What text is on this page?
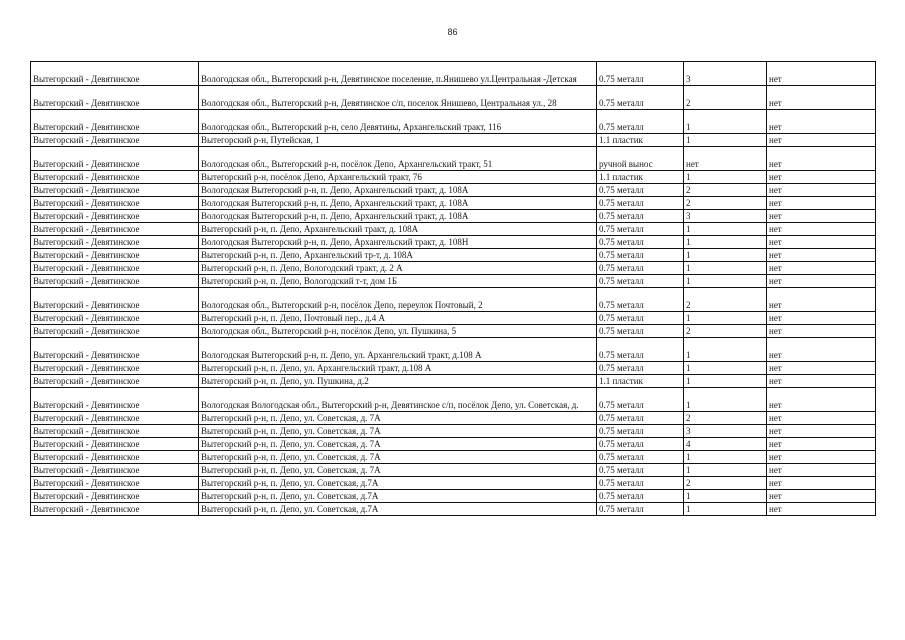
86
Вытегорский - Девятинское	Вологодская обл., Вытегорский р-н, Девятинское поселение, п.Янишево ул.Центральная -Детская	0.75 металл	3	нет
Вытегорский - Девятинское	Вологодская обл., Вытегорский р-н, Девятинское с/п, поселок Янишево, Центральная ул., 28	0.75 металл	2	нет
Вытегорский - Девятинское	Вологодская обл., Вытегорский р-н, село Девятины, Архангельский тракт, 116	0.75 металл	1	нет
Вытегорский - Девятинское	Вытегорский р-н, Путейская, 1	1.1 пластик	1	нет
Вытегорский - Девятинское	Вологодская обл., Вытегорский р-н, посёлок Депо, Архангельский тракт, 51	ручной вынос	нет	нет
Вытегорский - Девятинское	Вытегорский р-н, посёлок Депо, Архангельский тракт, 76	1.1 пластик	1	нет
Вытегорский - Девятинское	Вологодская Вытегорский р-н, п. Депо, Архангельский тракт, д. 108А	0.75 металл	2	нет
Вытегорский - Девятинское	Вологодская Вытегорский р-н, п. Депо, Архангельский тракт, д. 108А	0.75 металл	2	нет
Вытегорский - Девятинское	Вологодская Вытегорский р-н, п. Депо, Архангельский тракт, д. 108А	0.75 металл	3	нет
Вытегорский - Девятинское	Вытегорский р-н, п. Депо, Архангельский тракт, д. 108А	0.75 металл	1	нет
Вытегорский - Девятинское	Вологодская Вытегорский р-н, п. Депо, Архангельский тракт, д. 108Н	0.75 металл	1	нет
Вытегорский - Девятинское	Вытегорский р-н, п. Депо, Архангельский тр-т, д. 108А	0.75 металл	1	нет
Вытегорский - Девятинское	Вытегорский р-н, п. Депо, Вологодский тракт, д. 2 А	0.75 металл	1	нет
Вытегорский - Девятинское	Вытегорский р-н, п. Депо, Вологодский т-т, дом 1Б	0.75 металл	1	нет
Вытегорский - Девятинское	Вологодская обл., Вытегорский р-н, посёлок Депо, переулок Почтовый, 2	0.75 металл	2	нет
Вытегорский - Девятинское	Вытегорский р-н, п. Депо, Почтовый пер., д.4 А	0.75 металл	1	нет
Вытегорский - Девятинское	Вологодская обл., Вытегорский р-н, посёлок Депо, ул. Пушкина, 5	0.75 металл	2	нет
Вытегорский - Девятинское	Вологодская Вытегорский р-н, п. Депо, ул. Архангельский тракт, д.108 А	0.75 металл	1	нет
Вытегорский - Девятинское	Вытегорский р-н, п. Депо, ул. Архангельский тракт, д.108 А	0.75 металл	1	нет
Вытегорский - Девятинское	Вытегорский р-н, п. Депо, ул. Пушкина, д.2	1.1 пластик	1	нет
Вытегорский - Девятинское	Вологодская Вологодская обл., Вытегорский р-н, Девятинское с/п, посёлок Депо, ул. Советская, д.	0.75 металл	1	нет
Вытегорский - Девятинское	Вытегорский р-н, п. Депо, ул. Советская, д. 7А	0.75 металл	2	нет
Вытегорский - Девятинское	Вытегорский р-н, п. Депо, ул. Советская, д. 7А	0.75 металл	3	нет
Вытегорский - Девятинское	Вытегорский р-н, п. Депо, ул. Советская, д. 7А	0.75 металл	4	нет
Вытегорский - Девятинское	Вытегорский р-н, п. Депо, ул. Советская, д. 7А	0.75 металл	1	нет
Вытегорский - Девятинское	Вытегорский р-н, п. Депо, ул. Советская, д. 7А	0.75 металл	1	нет
Вытегорский - Девятинское	Вытегорский р-н, п. Депо, ул. Советская, д.7А	0.75 металл	2	нет
Вытегорский - Девятинское	Вытегорский р-н, п. Депо, ул. Советская, д.7А	0.75 металл	1	нет
Вытегорский - Девятинское	Вытегорский р-н, п. Депо, ул. Советская, д.7А	0.75 металл	1	нет
